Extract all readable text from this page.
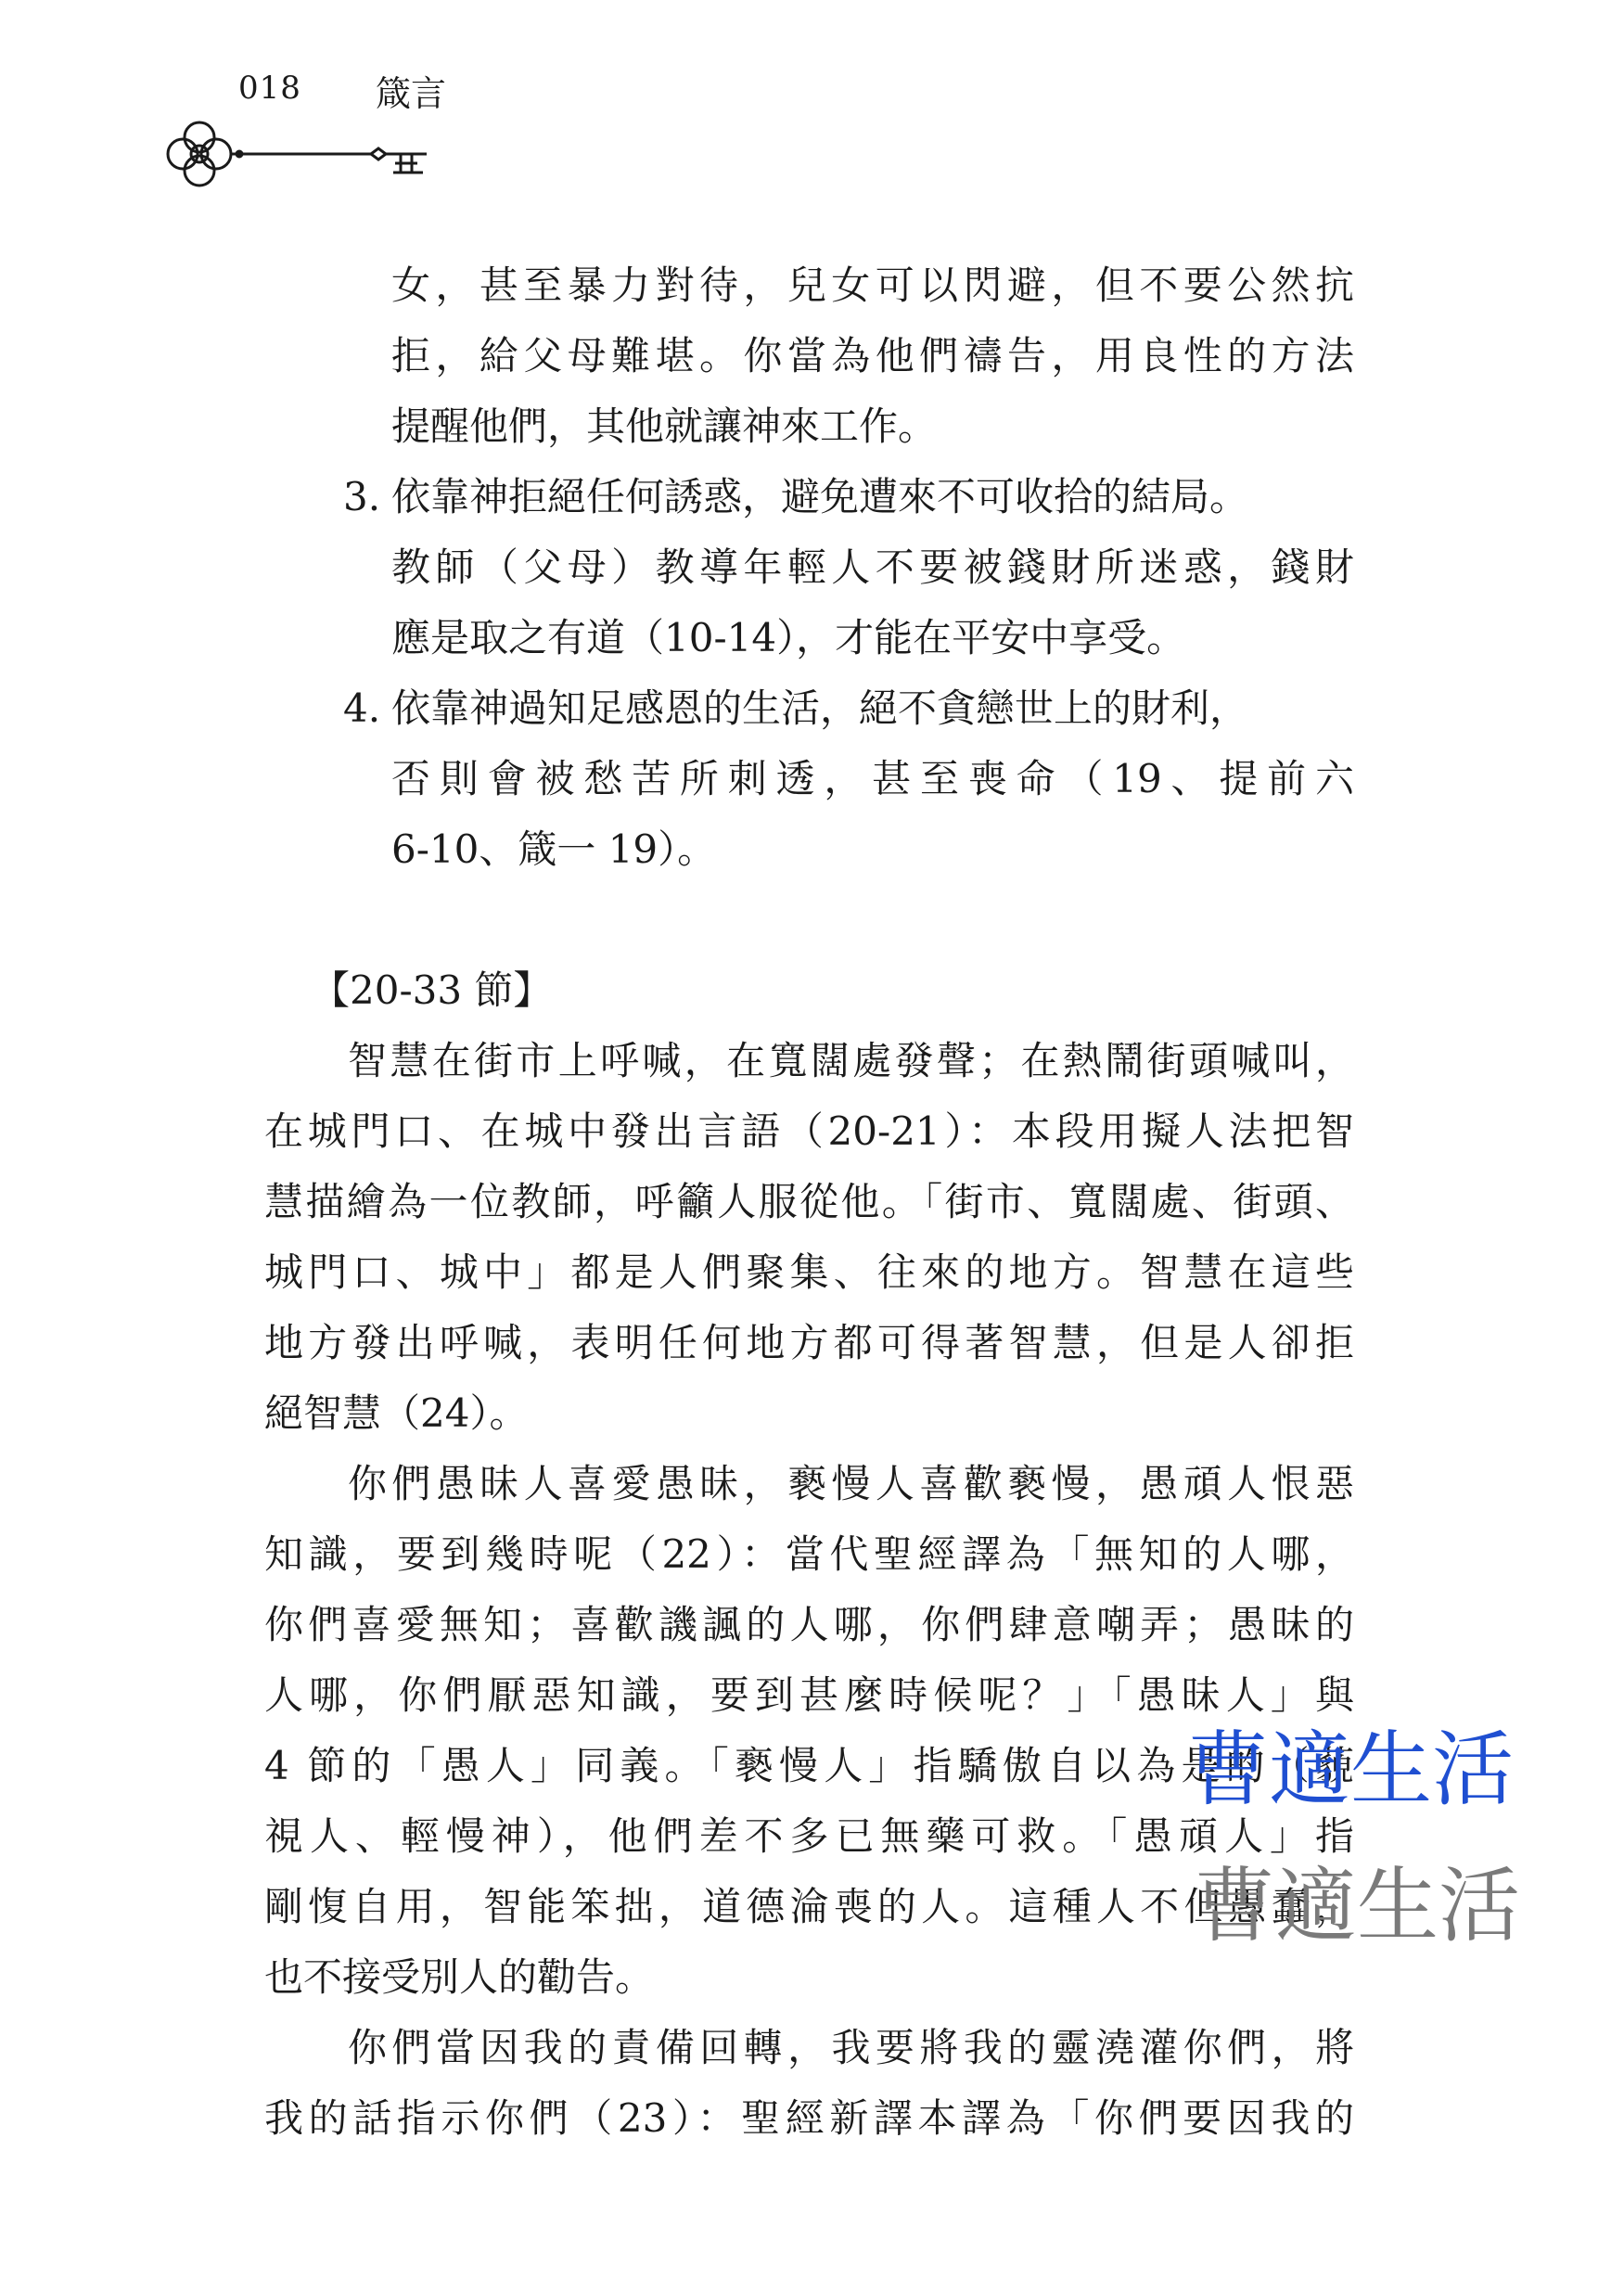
018 箴言
女，甚至暴力對待，兒女可以閃避，但不要公然抗
拒，給父母難堪。你當為他們禱告，用良性的方法
提醒他們，其他就讓神來工作。
3. 依靠神拒絕任何誘惑，避免遭來不可收拾的結局。
教師（父母）教導年輕人不要被錢財所迷惑，錢財
應是取之有道（10-14），才能在平安中享受。
4. 依靠神過知足感恩的生活，絕不貪戀世上的財利，
否則會被愁苦所刺透，甚至喪命（19、提前六
6-10、箴一 19）。
【20-33 節】
智慧在街市上呼喊，在寬闊處發聲；在熱鬧街頭喊叫，
在城門口、在城中發出言語（20-21）：本段用擬人法把智
慧描繪為一位教師，呼籲人服從他。「街市、寬闊處、街頭、
城門口、城中」都是人們聚集、往來的地方。智慧在這些
地方發出呼喊，表明任何地方都可得著智慧，但是人卻拒
絕智慧（24）。
你們愚昧人喜愛愚昧，褻慢人喜歡褻慢，愚頑人恨惡
知識，要到幾時呢（22）：當代聖經譯為「無知的人哪，
你們喜愛無知；喜歡譏諷的人哪，你們肆意嘲弄；愚昧的
人哪，你們厭惡知識，要到甚麼時候呢？」「愚昧人」與
4 節的「愚人」同義。「褻慢人」指驕傲自以為是的（藐
視人、輕慢神），他們差不多已無藥可救。「愚頑人」指
剛愎自用，智能笨拙，道德淪喪的人。這種人不但愚蠢，
也不接受別人的勸告。
你們當因我的責備回轉，我要將我的靈澆灌你們，將
我的話指示你們（23）：聖經新譯本譯為「你們要因我的
曹適生活
曹適生活
